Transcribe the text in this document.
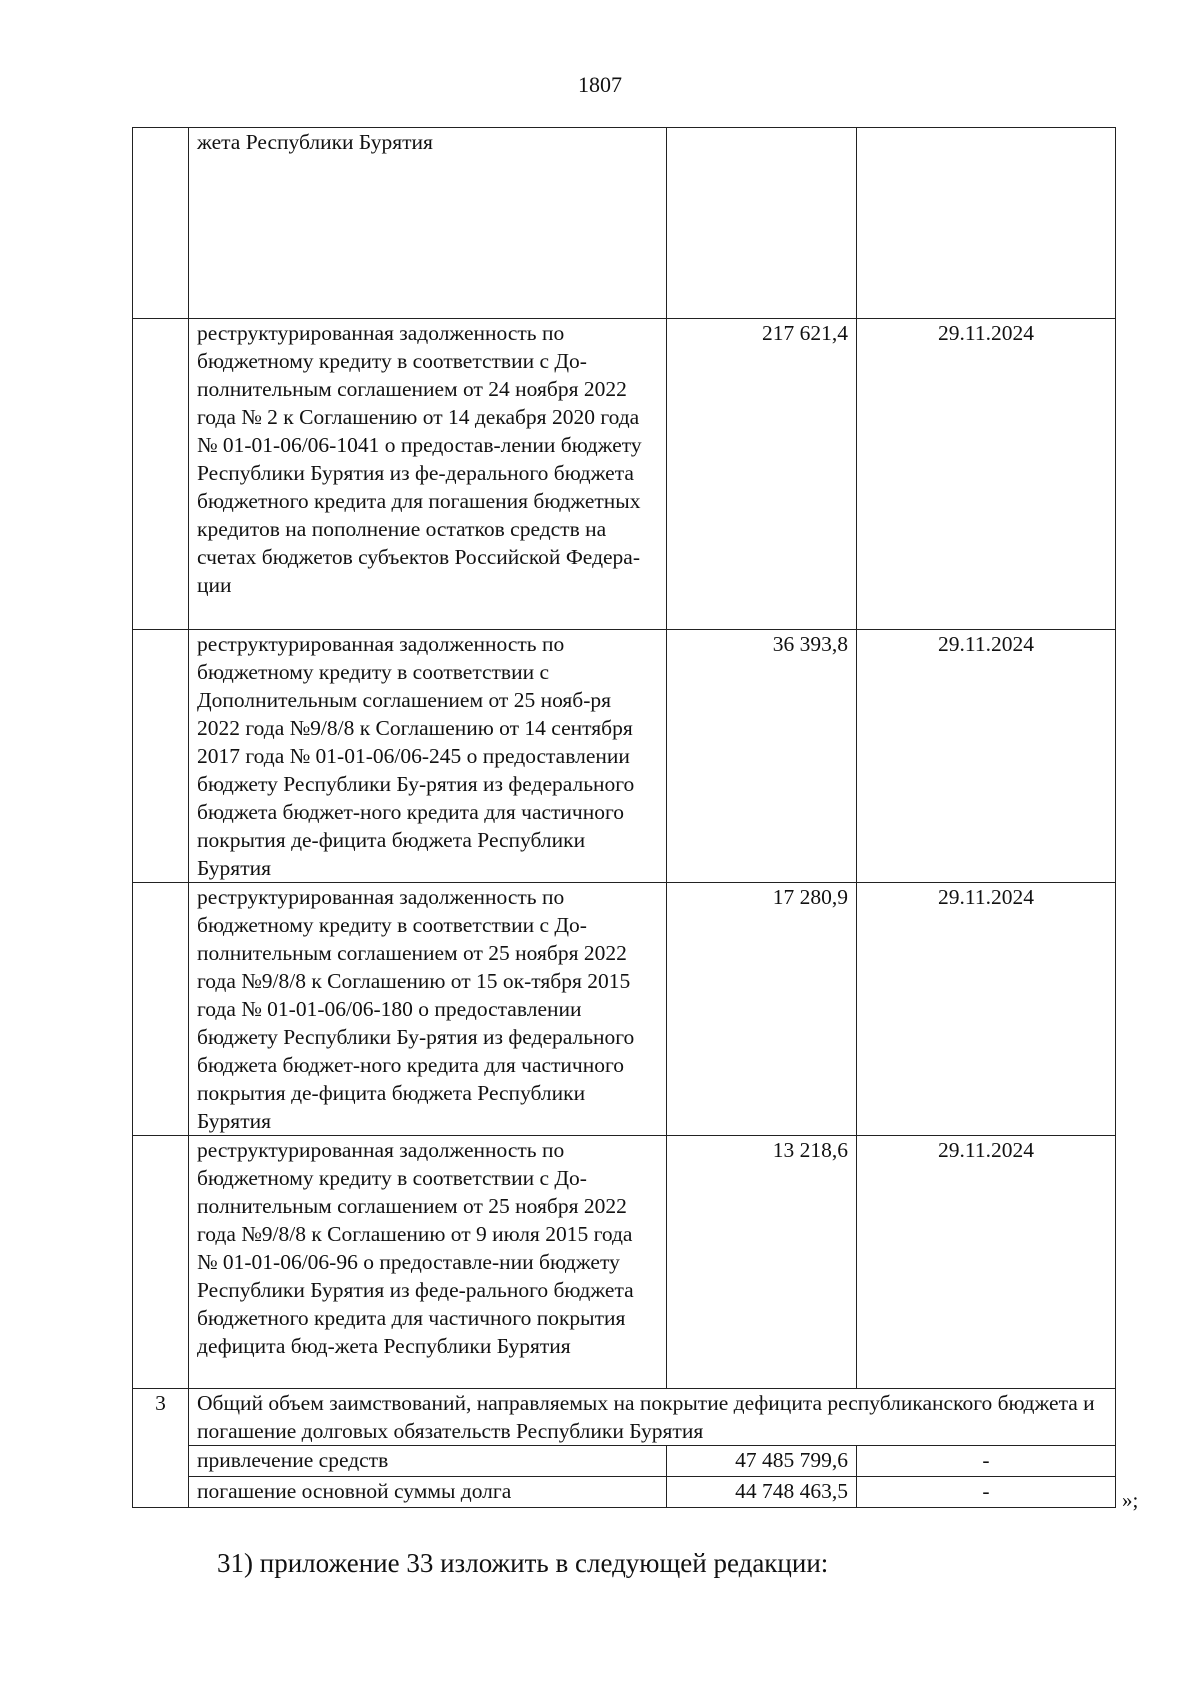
1807
	жета Республики Бурятия		
	реструктурированная задолженность по бюджетному кредиту в соответствии с До-полнительным соглашением от 24 ноября 2022 года № 2 к Соглашению от 14 декабря 2020 года № 01-01-06/06-1041 о предостав-лении бюджету Республики Бурятия из фе-дерального бюджета бюджетного кредита для погашения бюджетных кредитов на пополнение остатков средств на счетах бюджетов субъектов Российской Федера-ции	217 621,4	29.11.2024
	реструктурированная задолженность по бюджетному кредиту в соответствии с Дополнительным соглашением от 25 нояб-ря 2022 года №9/8/8 к Соглашению от 14 сентября 2017 года № 01-01-06/06-245 о предоставлении бюджету Республики Бу-рятия из федерального бюджета бюджет-ного кредита для частичного покрытия де-фицита бюджета Республики Бурятия	36 393,8	29.11.2024
	реструктурированная задолженность по бюджетному кредиту в соответствии с До-полнительным соглашением от 25 ноября 2022 года №9/8/8 к Соглашению от 15 ок-тября 2015 года № 01-01-06/06-180 о предоставлении бюджету Республики Бу-рятия из федерального бюджета бюджет-ного кредита для частичного покрытия де-фицита бюджета Республики Бурятия	17 280,9	29.11.2024
	реструктурированная задолженность по бюджетному кредиту в соответствии с До-полнительным соглашением от 25 ноября 2022 года №9/8/8 к Соглашению от 9 июля 2015 года № 01-01-06/06-96 о предоставле-нии бюджету Республики Бурятия из феде-рального бюджета бюджетного кредита для частичного покрытия дефицита бюд-жета Республики Бурятия	13 218,6	29.11.2024
3	Общий объем заимствований, направляемых на покрытие дефицита республиканского бюджета и погашение долговых обязательств Республики Бурятия		
	привлечение средств	47 485 799,6	-
	погашение основной суммы долга	44 748 463,5	-	»;
31) приложение 33 изложить в следующей редакции:
